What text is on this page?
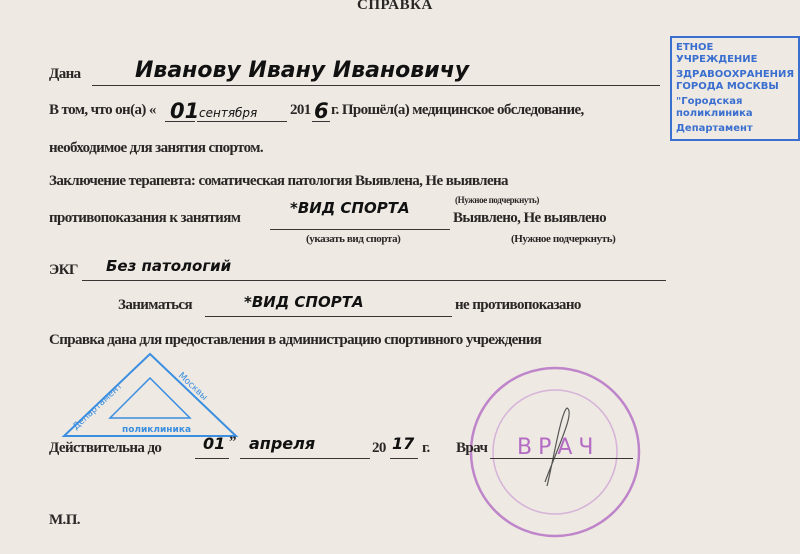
ЕТНОЕ УЧРЕЖДЕНИЕ
ЗДРАВООХРАНЕНИЯ ГОРОДА МОСКВЫ
"Городская поликлиника
Департамент
Департамент	Москвы
поликлиника
ВРАЧ
СПРАВКА
Дана Иванову Ивану Ивановичу
В том, что он(а) « 01 сентября 201 6 г. Прошёл(а) медицинское обследование,
необходимое для занятия спортом.
Заключение терапевта: соматическая патология Выявлена, Не выявлена
(Нужное подчеркнуть)
противопоказания к занятиям
*ВИД СПОРТА
Выявлено, Не выявлено
(указать вид спорта)	(Нужное подчеркнуть)
ЭКГ Без патологий
Заниматься	*ВИД СПОРТА	не противопоказано
Справка дана для предоставления в администрацию спортивного учреждения
Действительна до	01 ” апреля	20 17 г. Врач
М.П.
